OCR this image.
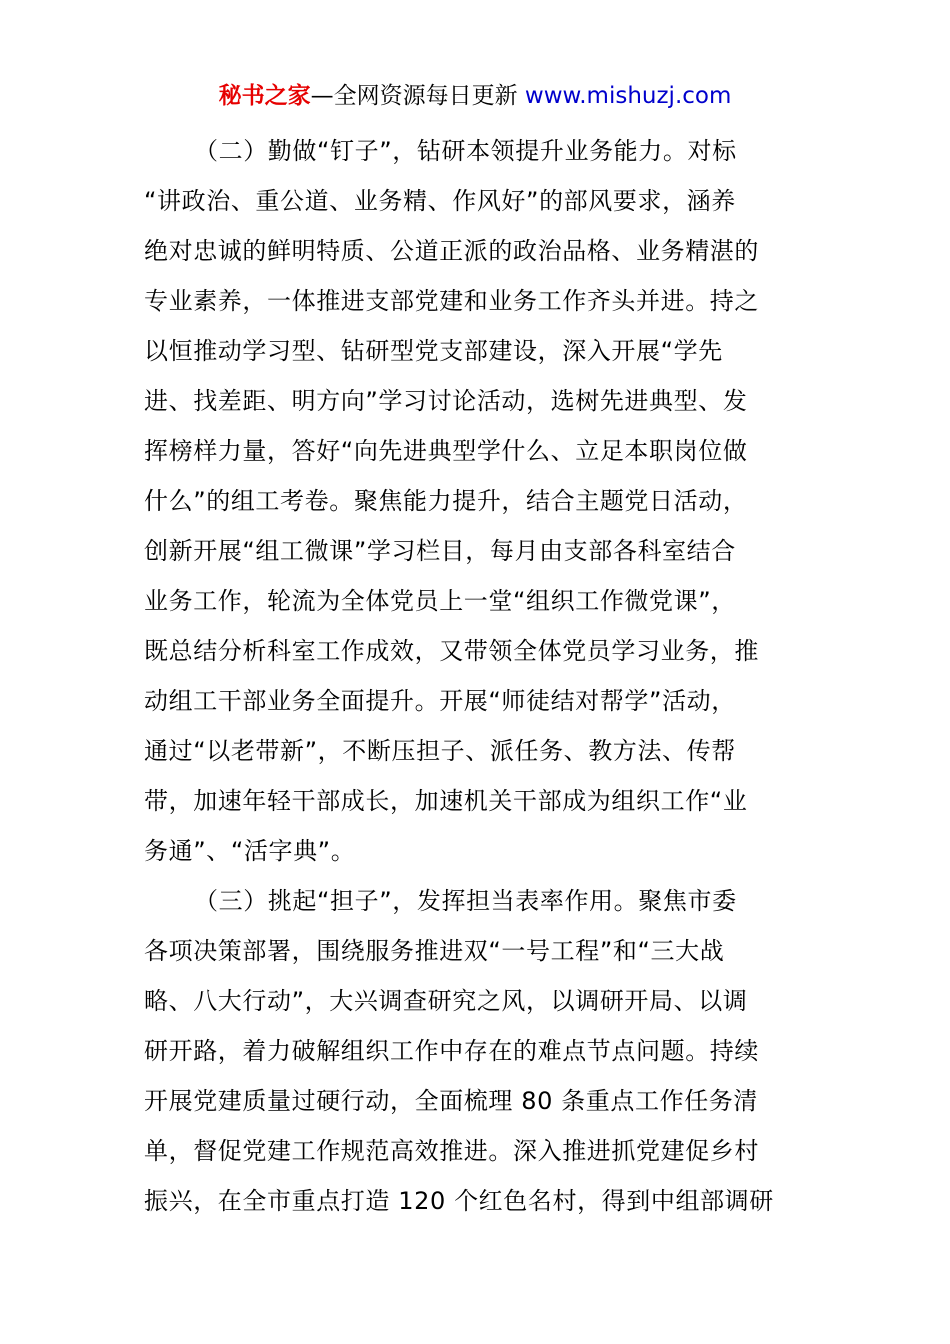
秘书之家—全网资源每日更新 www.mishuzj.com
（二）勤做“钉子”，钻研本领提升业务能力。对标
“讲政治、重公道、业务精、作风好”的部风要求，涵养
绝对忠诚的鲜明特质、公道正派的政治品格、业务精湛的
专业素养，一体推进支部党建和业务工作齐头并进。持之
以恒推动学习型、钻研型党支部建设，深入开展“学先
进、找差距、明方向”学习讨论活动，选树先进典型、发
挥榜样力量，答好“向先进典型学什么、立足本职岗位做
什么”的组工考卷。聚焦能力提升，结合主题党日活动，
创新开展“组工微课”学习栏目，每月由支部各科室结合
业务工作，轮流为全体党员上一堂“组织工作微党课”，
既总结分析科室工作成效，又带领全体党员学习业务，推
动组工干部业务全面提升。开展“师徒结对帮学”活动，
通过“以老带新”，不断压担子、派任务、教方法、传帮
带，加速年轻干部成长，加速机关干部成为组织工作“业
务通”、“活字典”。
（三）挑起“担子”，发挥担当表率作用。聚焦市委
各项决策部署，围绕服务推进双“一号工程”和“三大战
略、八大行动”，大兴调查研究之风，以调研开局、以调
研开路，着力破解组织工作中存在的难点节点问题。持续
开展党建质量过硬行动，全面梳理 80 条重点工作任务清
单，督促党建工作规范高效推进。深入推进抓党建促乡村
振兴，在全市重点打造 120 个红色名村，得到中组部调研
